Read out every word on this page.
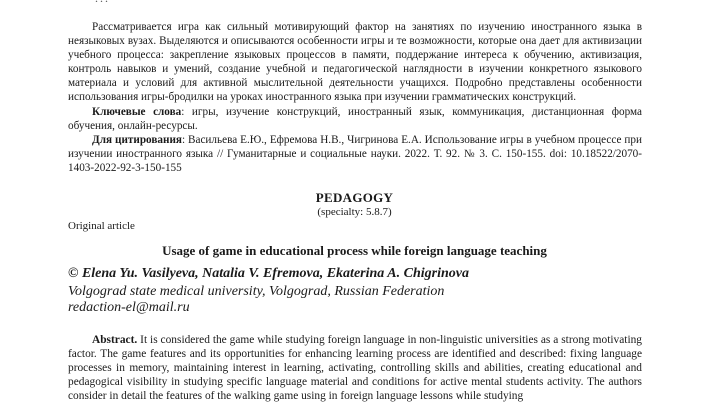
Рассматривается игра как сильный мотивирующий фактор на занятиях по изучению иностранного языка в неязыковых вузах. Выделяются и описываются особенности игры и те возможности, которые она дает для активизации учебного процесса: закрепление языковых процессов в памяти, поддержание интереса к обучению, активизация, контроль навыков и умений, создание учебной и педагогической наглядности в изучении конкретного языкового материала и условий для активной мыслительной деятельности учащихся. Подробно представлены особенности использования игры-бродилки на уроках иностранного языка при изучении грамматических конструкций.

Ключевые слова: игры, изучение конструкций, иностранный язык, коммуникация, дистанционная форма обучения, онлайн-ресурсы.

Для цитирования: Васильева Е.Ю., Ефремова Н.В., Чигринова Е.А. Использование игры в учебном процессе при изучении иностранного языка // Гуманитарные и социальные науки. 2022. Т. 92. № 3. С. 150-155. doi: 10.18522/2070-1403-2022-92-3-150-155

PEDAGOGY
(specialty: 5.8.7)
Original article
Usage of game in educational process while foreign language teaching
© Elena Yu. Vasilyeva, Natalia V. Efremova, Ekaterina A. Chigrinova
Volgograd state medical university, Volgograd, Russian Federation
redaction-el@mail.ru

Abstract. It is considered the game while studying foreign language in non-linguistic universities as a strong motivating factor. The game features and its opportunities for enhancing learning process are identified and described: fixing language processes in memory, maintaining interest in learning, activating, controlling skills and abilities, creating educational and pedagogical visibility in studying specific language material and conditions for active mental students activity. The authors consider in detail the features of the walking game using in foreign language lessons while studying
